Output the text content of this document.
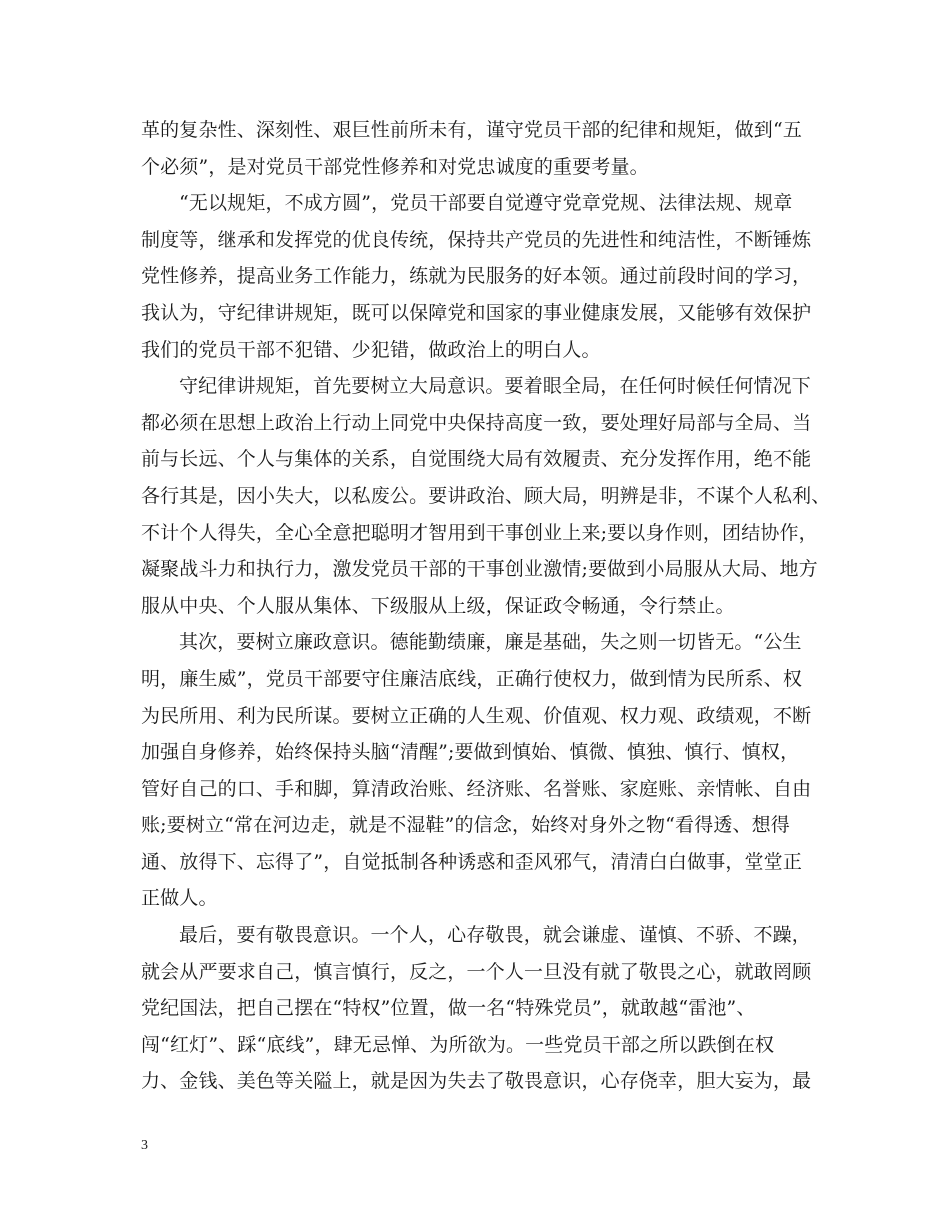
革的复杂性、深刻性、艰巨性前所未有，谨守党员干部的纪律和规矩，做到“五
个必须”，是对党员干部党性修养和对党忠诚度的重要考量。
“无以规矩，不成方圆”，党员干部要自觉遵守党章党规、法律法规、规章
制度等，继承和发挥党的优良传统，保持共产党员的先进性和纯洁性，不断锤炼
党性修养，提高业务工作能力，练就为民服务的好本领。通过前段时间的学习，
我认为，守纪律讲规矩，既可以保障党和国家的事业健康发展，又能够有效保护
我们的党员干部不犯错、少犯错，做政治上的明白人。
守纪律讲规矩，首先要树立大局意识。要着眼全局，在任何时候任何情况下
都必须在思想上政治上行动上同党中央保持高度一致，要处理好局部与全局、当
前与长远、个人与集体的关系，自觉围绕大局有效履责、充分发挥作用，绝不能
各行其是，因小失大，以私废公。要讲政治、顾大局，明辨是非，不谋个人私利、
不计个人得失，全心全意把聪明才智用到干事创业上来;要以身作则，团结协作，
凝聚战斗力和执行力，激发党员干部的干事创业激情;要做到小局服从大局、地方
服从中央、个人服从集体、下级服从上级，保证政令畅通，令行禁止。
其次，要树立廉政意识。德能勤绩廉，廉是基础，失之则一切皆无。“公生
明，廉生威”，党员干部要守住廉洁底线，正确行使权力，做到情为民所系、权
为民所用、利为民所谋。要树立正确的人生观、价值观、权力观、政绩观，不断
加强自身修养，始终保持头脑“清醒”;要做到慎始、慎微、慎独、慎行、慎权，
管好自己的口、手和脚，算清政治账、经济账、名誉账、家庭账、亲情帐、自由
账;要树立“常在河边走，就是不湿鞋”的信念，始终对身外之物“看得透、想得
通、放得下、忘得了”，自觉抵制各种诱惑和歪风邪气，清清白白做事，堂堂正
正做人。
最后，要有敬畏意识。一个人，心存敬畏，就会谦虚、谨慎、不骄、不躁，
就会从严要求自己，慎言慎行，反之，一个人一旦没有就了敬畏之心，就敢罔顾
党纪国法，把自己摆在“特权”位置，做一名“特殊党员”，就敢越“雷池”、
闯“红灯”、踩“底线”，肆无忌惮、为所欲为。一些党员干部之所以跌倒在权
力、金钱、美色等关隘上，就是因为失去了敬畏意识，心存侥幸，胆大妄为，最
3
